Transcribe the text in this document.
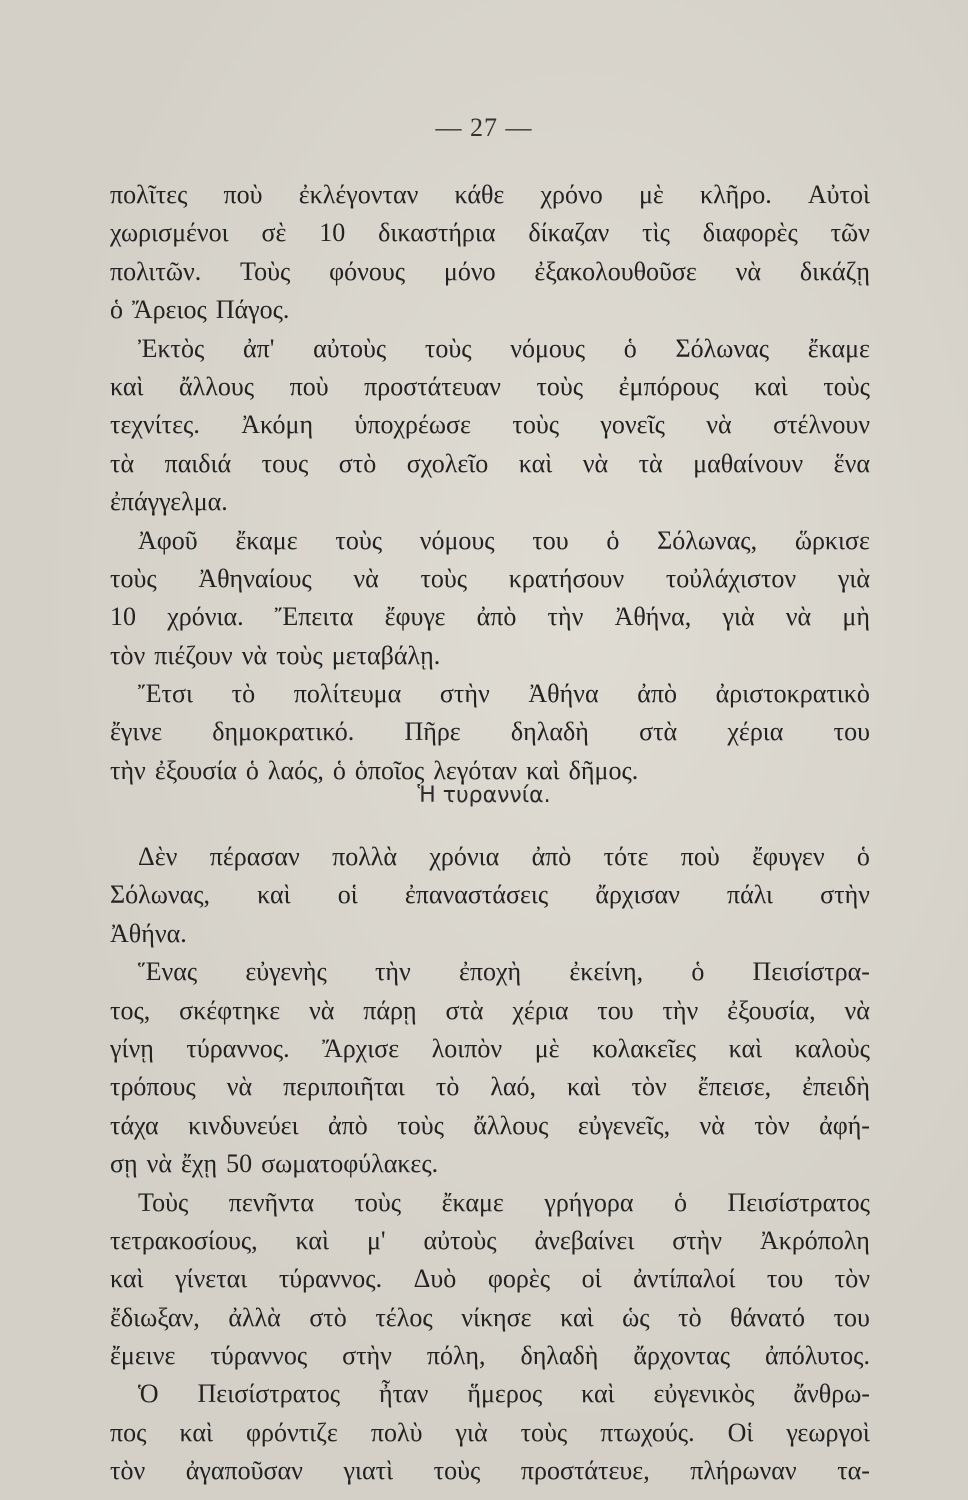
— 27 —
πολῖτες ποὺ ἐκλέγονταν κάθε χρόνο μὲ κλῆρο. Αὐτοὶ
χωρισμένοι σὲ 10 δικαστήρια δίκαζαν τὶς διαφορὲς τῶν
πολιτῶν. Τοὺς φόνους μόνο ἐξακολουθοῦσε νὰ δικάζῃ
ὁ Ἄρειος Πάγος.
Ἐκτὸς ἀπ' αὐτοὺς τοὺς νόμους ὁ Σόλωνας ἔκαμε
καὶ ἄλλους ποὺ προστάτευαν τοὺς ἐμπόρους καὶ τοὺς
τεχνίτες. Ἀκόμη ὑποχρέωσε τοὺς γονεῖς νὰ στέλνουν
τὰ παιδιά τους στὸ σχολεῖο καὶ νὰ τὰ μαθαίνουν ἕνα
ἐπάγγελμα.
Ἀφοῦ ἔκαμε τοὺς νόμους του ὁ Σόλωνας, ὥρκισε
τοὺς Ἀθηναίους νὰ τοὺς κρατήσουν τοὐλάχιστον γιὰ
10 χρόνια. Ἔπειτα ἔφυγε ἀπὸ τὴν Ἀθήνα, γιὰ νὰ μὴ
τὸν πιέζουν νὰ τοὺς μεταβάλῃ.
Ἔτσι τὸ πολίτευμα στὴν Ἀθήνα ἀπὸ ἀριστοκρατικὸ
ἔγινε δημοκρατικό. Πῆρε δηλαδὴ στὰ χέρια του
τὴν ἐξουσία ὁ λαός, ὁ ὁποῖος λεγόταν καὶ δῆμος.
Ἡ τυραννία.
Δὲν πέρασαν πολλὰ χρόνια ἀπὸ τότε ποὺ ἔφυγεν ὁ
Σόλωνας, καὶ οἱ ἐπαναστάσεις ἄρχισαν πάλι στὴν
Ἀθήνα.
Ἕνας εὐγενὴς τὴν ἐποχὴ ἐκείνη, ὁ Πεισίστρα-
τος, σκέφτηκε νὰ πάρῃ στὰ χέρια του τὴν ἐξουσία, νὰ
γίνῃ τύραννος. Ἄρχισε λοιπὸν μὲ κολακεῖες καὶ καλοὺς
τρόπους νὰ περιποιῆται τὸ λαό, καὶ τὸν ἔπεισε, ἐπειδὴ
τάχα κινδυνεύει ἀπὸ τοὺς ἄλλους εὐγενεῖς, νὰ τὸν ἀφή-
σῃ νὰ ἔχῃ 50 σωματοφύλακες.
Τοὺς πενῆντα τοὺς ἔκαμε γρήγορα ὁ Πεισίστρατος
τετρακοσίους, καὶ μ' αὐτοὺς ἀνεβαίνει στὴν Ἀκρόπολη
καὶ γίνεται τύραννος. Δυὸ φορὲς οἱ ἀντίπαλοί του τὸν
ἔδιωξαν, ἀλλὰ στὸ τέλος νίκησε καὶ ὡς τὸ θάνατό του
ἔμεινε τύραννος στὴν πόλη, δηλαδὴ ἄρχοντας ἀπόλυτος.
Ὁ Πεισίστρατος ἦταν ἥμερος καὶ εὐγενικὸς ἄνθρω-
πος καὶ φρόντιζε πολὺ γιὰ τοὺς πτωχούς. Οἱ γεωργοὶ
τὸν ἀγαποῦσαν γιατὶ τοὺς προστάτευε, πλήρωναν τα-
